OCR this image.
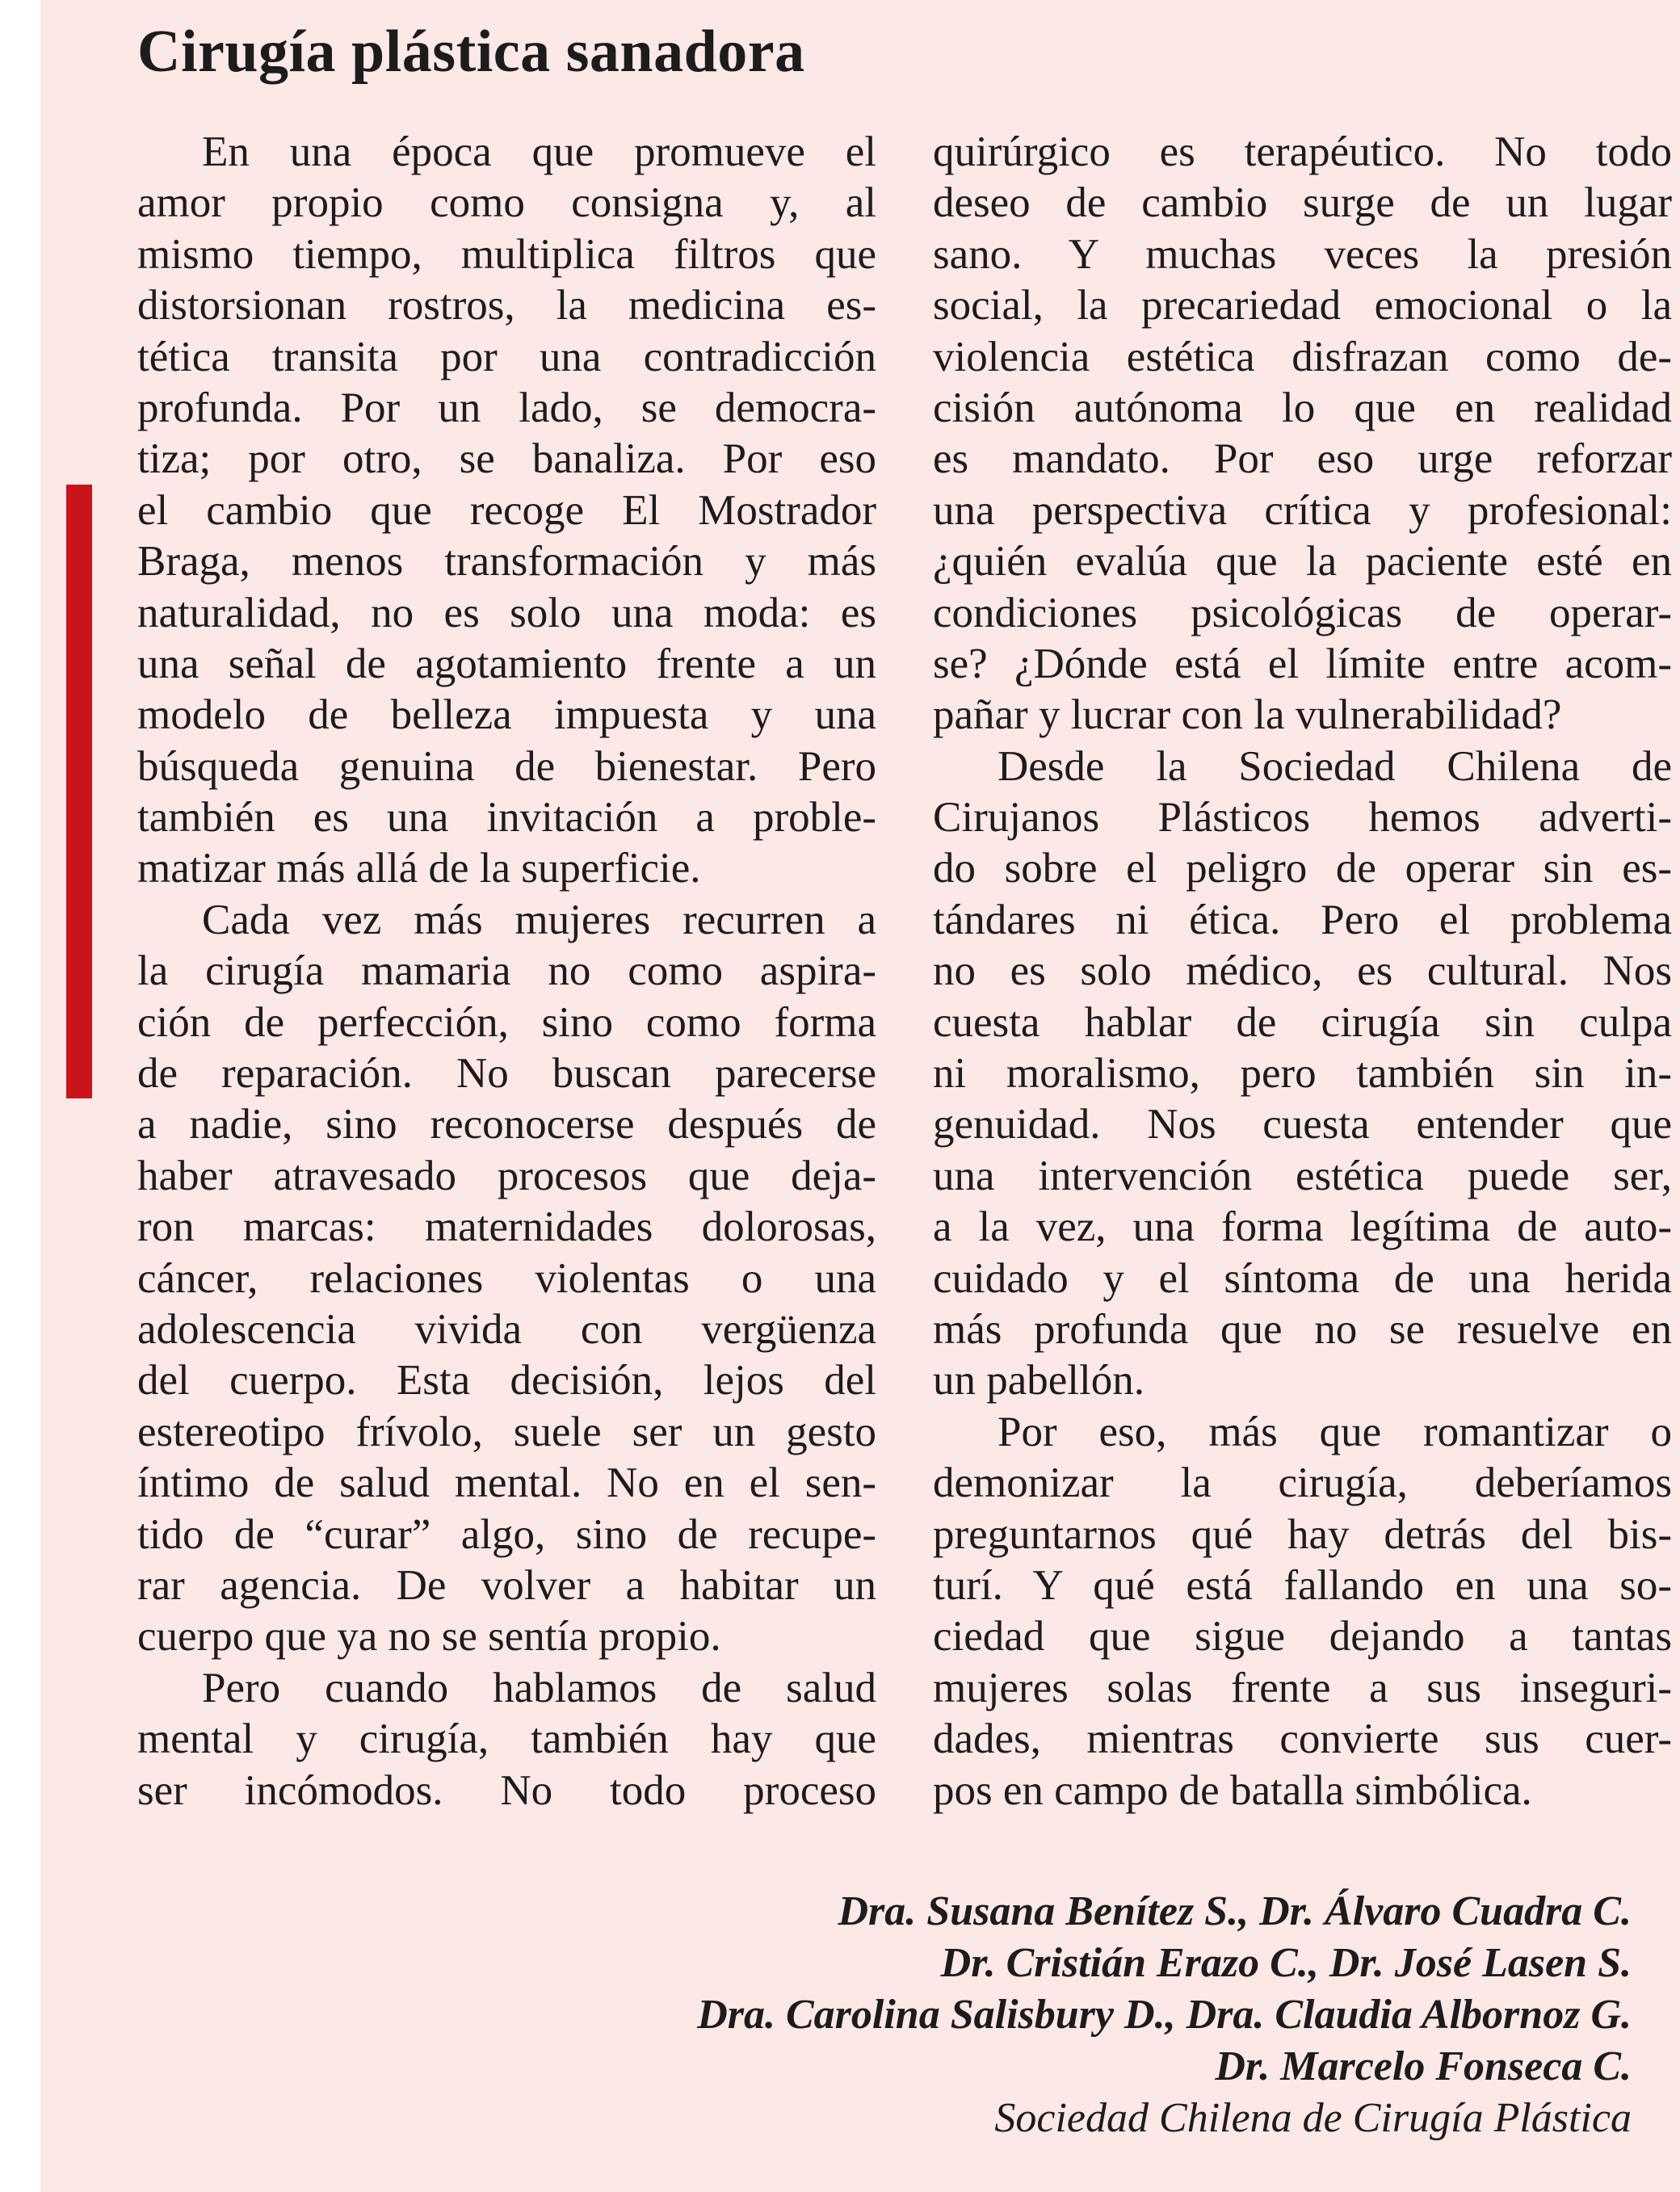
Cirugía plástica sanadora
En una época que promueve el
amor propio como consigna y, al
mismo tiempo, multiplica filtros que
distorsionan rostros, la medicina es-
tética transita por una contradicción
profunda. Por un lado, se democra-
tiza; por otro, se banaliza. Por eso
el cambio que recoge El Mostrador
Braga, menos transformación y más
naturalidad, no es solo una moda: es
una señal de agotamiento frente a un
modelo de belleza impuesta y una
búsqueda genuina de bienestar. Pero
también es una invitación a proble-
matizar más allá de la superficie.
Cada vez más mujeres recurren a
la cirugía mamaria no como aspira-
ción de perfección, sino como forma
de reparación. No buscan parecerse
a nadie, sino reconocerse después de
haber atravesado procesos que deja-
ron marcas: maternidades dolorosas,
cáncer, relaciones violentas o una
adolescencia vivida con vergüenza
del cuerpo. Esta decisión, lejos del
estereotipo frívolo, suele ser un gesto
íntimo de salud mental. No en el sen-
tido de “curar” algo, sino de recupe-
rar agencia. De volver a habitar un
cuerpo que ya no se sentía propio.
Pero cuando hablamos de salud
mental y cirugía, también hay que
ser incómodos. No todo proceso
quirúrgico es terapéutico. No todo
deseo de cambio surge de un lugar
sano. Y muchas veces la presión
social, la precariedad emocional o la
violencia estética disfrazan como de-
cisión autónoma lo que en realidad
es mandato. Por eso urge reforzar
una perspectiva crítica y profesional:
¿quién evalúa que la paciente esté en
condiciones psicológicas de operar-
se? ¿Dónde está el límite entre acom-
pañar y lucrar con la vulnerabilidad?
Desde la Sociedad Chilena de
Cirujanos Plásticos hemos adverti-
do sobre el peligro de operar sin es-
tándares ni ética. Pero el problema
no es solo médico, es cultural. Nos
cuesta hablar de cirugía sin culpa
ni moralismo, pero también sin in-
genuidad. Nos cuesta entender que
una intervención estética puede ser,
a la vez, una forma legítima de auto-
cuidado y el síntoma de una herida
más profunda que no se resuelve en
un pabellón.
Por eso, más que romantizar o
demonizar la cirugía, deberíamos
preguntarnos qué hay detrás del bis-
turí. Y qué está fallando en una so-
ciedad que sigue dejando a tantas
mujeres solas frente a sus inseguri-
dades, mientras convierte sus cuer-
pos en campo de batalla simbólica.
Dra. Susana Benítez S., Dr. Álvaro Cuadra C.
Dr. Cristián Erazo C., Dr. José Lasen S.
Dra. Carolina Salisbury D., Dra. Claudia Albornoz G.
Dr. Marcelo Fonseca C.
Sociedad Chilena de Cirugía Plástica
